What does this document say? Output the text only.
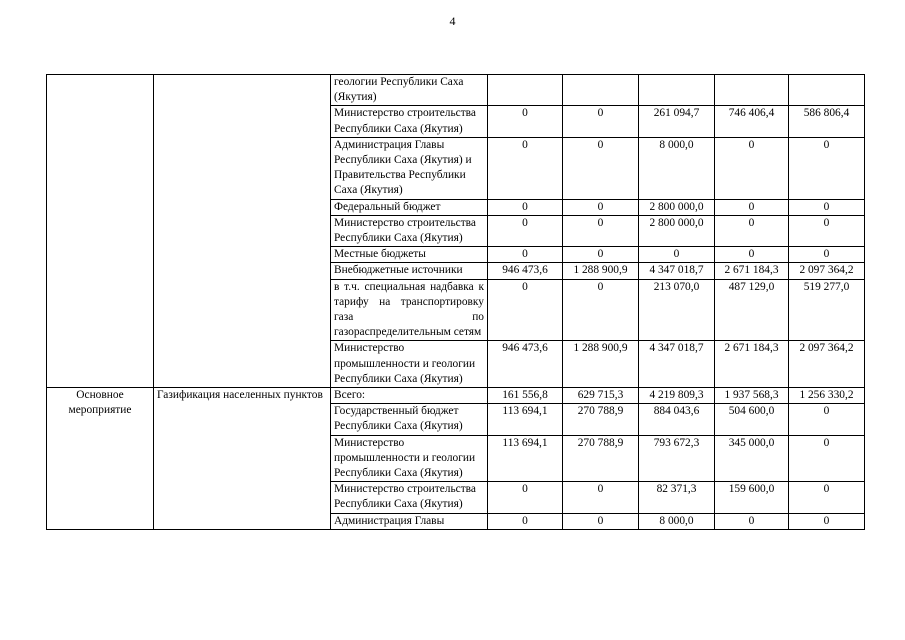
4
		геологии Республики Саха (Якутия)					
		Министерство строительства Республики Саха (Якутия)	0	0	261 094,7	746 406,4	586 806,4
		Администрация Главы Республики Саха (Якутия) и Правительства Республики Саха (Якутия)	0	0	8 000,0	0	0
		Федеральный бюджет	0	0	2 800 000,0	0	0
		Министерство строительства Республики Саха (Якутия)	0	0	2 800 000,0	0	0
		Местные бюджеты	0	0	0	0	0
		Внебюджетные источники	946 473,6	1 288 900,9	4 347 018,7	2 671 184,3	2 097 364,2
		в т.ч. специальная надбавка к тарифу на транспортировку газа по газораспределительным сетям	0	0	213 070,0	487 129,0	519 277,0
		Министерство промышленности и геологии Республики Саха (Якутия)	946 473,6	1 288 900,9	4 347 018,7	2 671 184,3	2 097 364,2
Основное мероприятие	Газификация населенных пунктов	Всего:	161 556,8	629 715,3	4 219 809,3	1 937 568,3	1 256 330,2
		Государственный бюджет Республики Саха (Якутия)	113 694,1	270 788,9	884 043,6	504 600,0	0
		Министерство промышленности и геологии Республики Саха (Якутия)	113 694,1	270 788,9	793 672,3	345 000,0	0
		Министерство строительства Республики Саха (Якутия)	0	0	82 371,3	159 600,0	0
		Администрация Главы	0	0	8 000,0	0	0
